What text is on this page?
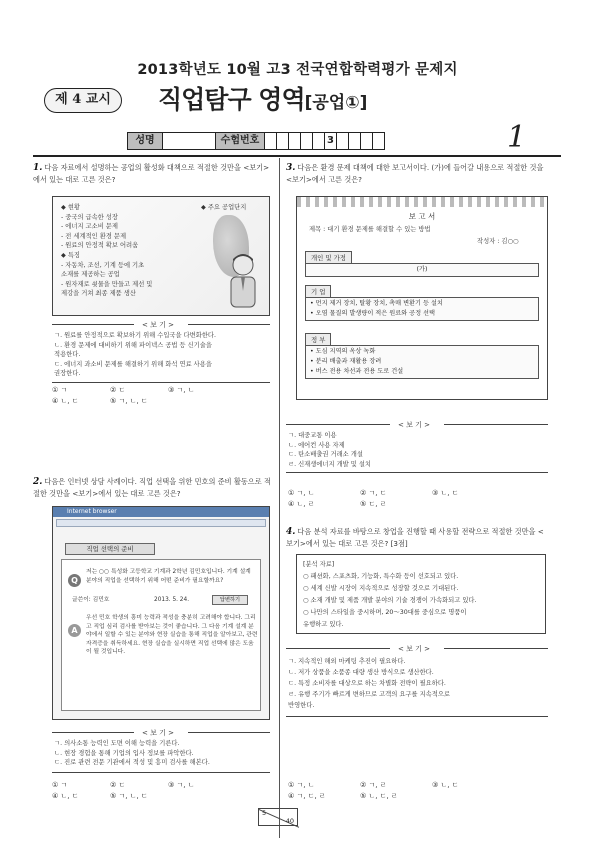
2013학년도 10월 고3 전국연합학력평가 문제지
제 4 교시	직업탐구 영역[공업①]
성명	수험번호	3	1
1. 다음 자료에서 설명하는 공업의 활성화 대책으로 적절한 것만을 <보기>에서 있는 대로 고른 것은?
◆ 현황
- 중국의 급속한 성장
- 에너지 고소비 문제
- 전 세계적인 환경 문제
- 원료의 안정적 확보 어려움
◆ 특징
- 자동차, 조선, 기계 등에 기초
소재를 제공하는 공업
- 원자재로 쇳물을 만들고 제선 및
제강을 거쳐 최종 제품 생산
◆ 주요 공업단지
< 보 기 >
ㄱ. 원료를 안정적으로 확보하기 위해 수입국을 다변화한다.
ㄴ. 환경 문제에 대비하기 위해 파이넥스 공법 등 신기술을
적용한다.
ㄷ. 에너지 과소비 문제를 해결하기 위해 화석 연료 사용을
권장한다.
① ㄱ	② ㄷ	③ ㄱ, ㄴ
④ ㄴ, ㄷ	⑤ ㄱ, ㄴ, ㄷ
2. 다음은 인터넷 상담 사례이다. 직업 선택을 위한 민호의 준비 활동으로 적절한 것만을 <보기>에서 있는 대로 고른 것은?
Internet browser
직업 선택의 준비
Q
저는 ○○ 특성화 고등학교 기계과 2학년 김민호입니다. 기계 설계 분야의 직업을 선택하기 위해 어떤 준비가 필요할까요?
글쓴이: 김민호	2013. 5. 24.	답변하기
A
우선 민호 학생의 흥미 능력과 적성을 충분히 고려해야 합니다. 그리고 직업 심리 검사를 받아보는 것이 좋습니다. 그 다음 기계 설계 분야에서 일할 수 있는 분야와 현장 실습을 통해 직업을 알아보고, 관련 자격증을 취득하세요. 현장 실습을 실시하면 직업 선택에 많은 도움이 될 것입니다.
< 보 기 >
ㄱ. 의사소통 능력인 도면 이해 능력을 기른다.
ㄴ. 현장 경험을 통해 기업의 입사 정보를 파악한다.
ㄷ. 진로 관련 전문 기관에서 적성 및 흥미 검사를 해본다.
① ㄱ	② ㄷ	③ ㄱ, ㄴ
④ ㄴ, ㄷ	⑤ ㄱ, ㄴ, ㄷ
3. 다음은 환경 문제 대책에 대한 보고서이다. (가)에 들어갈 내용으로 적절한 것을 <보기>에서 고른 것은?
보 고 서
제목 : 대기 환경 문제를 해결할 수 있는 방법
작성자 : 김○○
개인 및 가정
(가)
기 업
• 먼지 제거 장치, 탈황 장치, 촉매 변환기 등 설치
• 오염 물질의 발생량이 적은 원료와 공정 선택
정 부
• 도심 지역의 옥상 녹화
• 분리 배출과 재활용 장려
• 버스 전용 차선과 전용 도로 건설
< 보 기 >
ㄱ. 대중교통 이용
ㄴ. 에어컨 사용 자제
ㄷ. 탄소배출권 거래소 개설
ㄹ. 신재생에너지 개발 및 설치
① ㄱ, ㄴ	② ㄱ, ㄷ	③ ㄴ, ㄷ
④ ㄴ, ㄹ	⑤ ㄷ, ㄹ
4. 다음 분석 자료를 바탕으로 창업을 진행할 때 사용할 전략으로 적절한 것만을 <보기>에서 있는 대로 고른 것은? [3점]
[분석 자료]
○ 패션화, 스포츠화, 기능화, 특수화 등이 선호되고 있다.
○ 세계 신발 시장이 지속적으로 성장할 것으로 기대된다.
○ 소재 개발 및 제품 개발 분야의 기술 경쟁이 가속화되고 있다.
○ 나만의 스타일을 중시하며, 20～30대를 중심으로 명품이
유행하고 있다.
< 보 기 >
ㄱ. 지속적인 해외 마케팅 추진이 필요하다.
ㄴ. 저가 상품을 소품종 대량 생산 방식으로 생산한다.
ㄷ. 특정 소비자를 대상으로 하는 차별화 전략이 필요하다.
ㄹ. 유행 주기가 빠르게 변하므로 고객의 요구를 지속적으로
반영한다.
① ㄱ, ㄴ	② ㄱ, ㄹ	③ ㄴ, ㄷ
④ ㄱ, ㄷ, ㄹ	⑤ ㄴ, ㄷ, ㄹ
5
40
